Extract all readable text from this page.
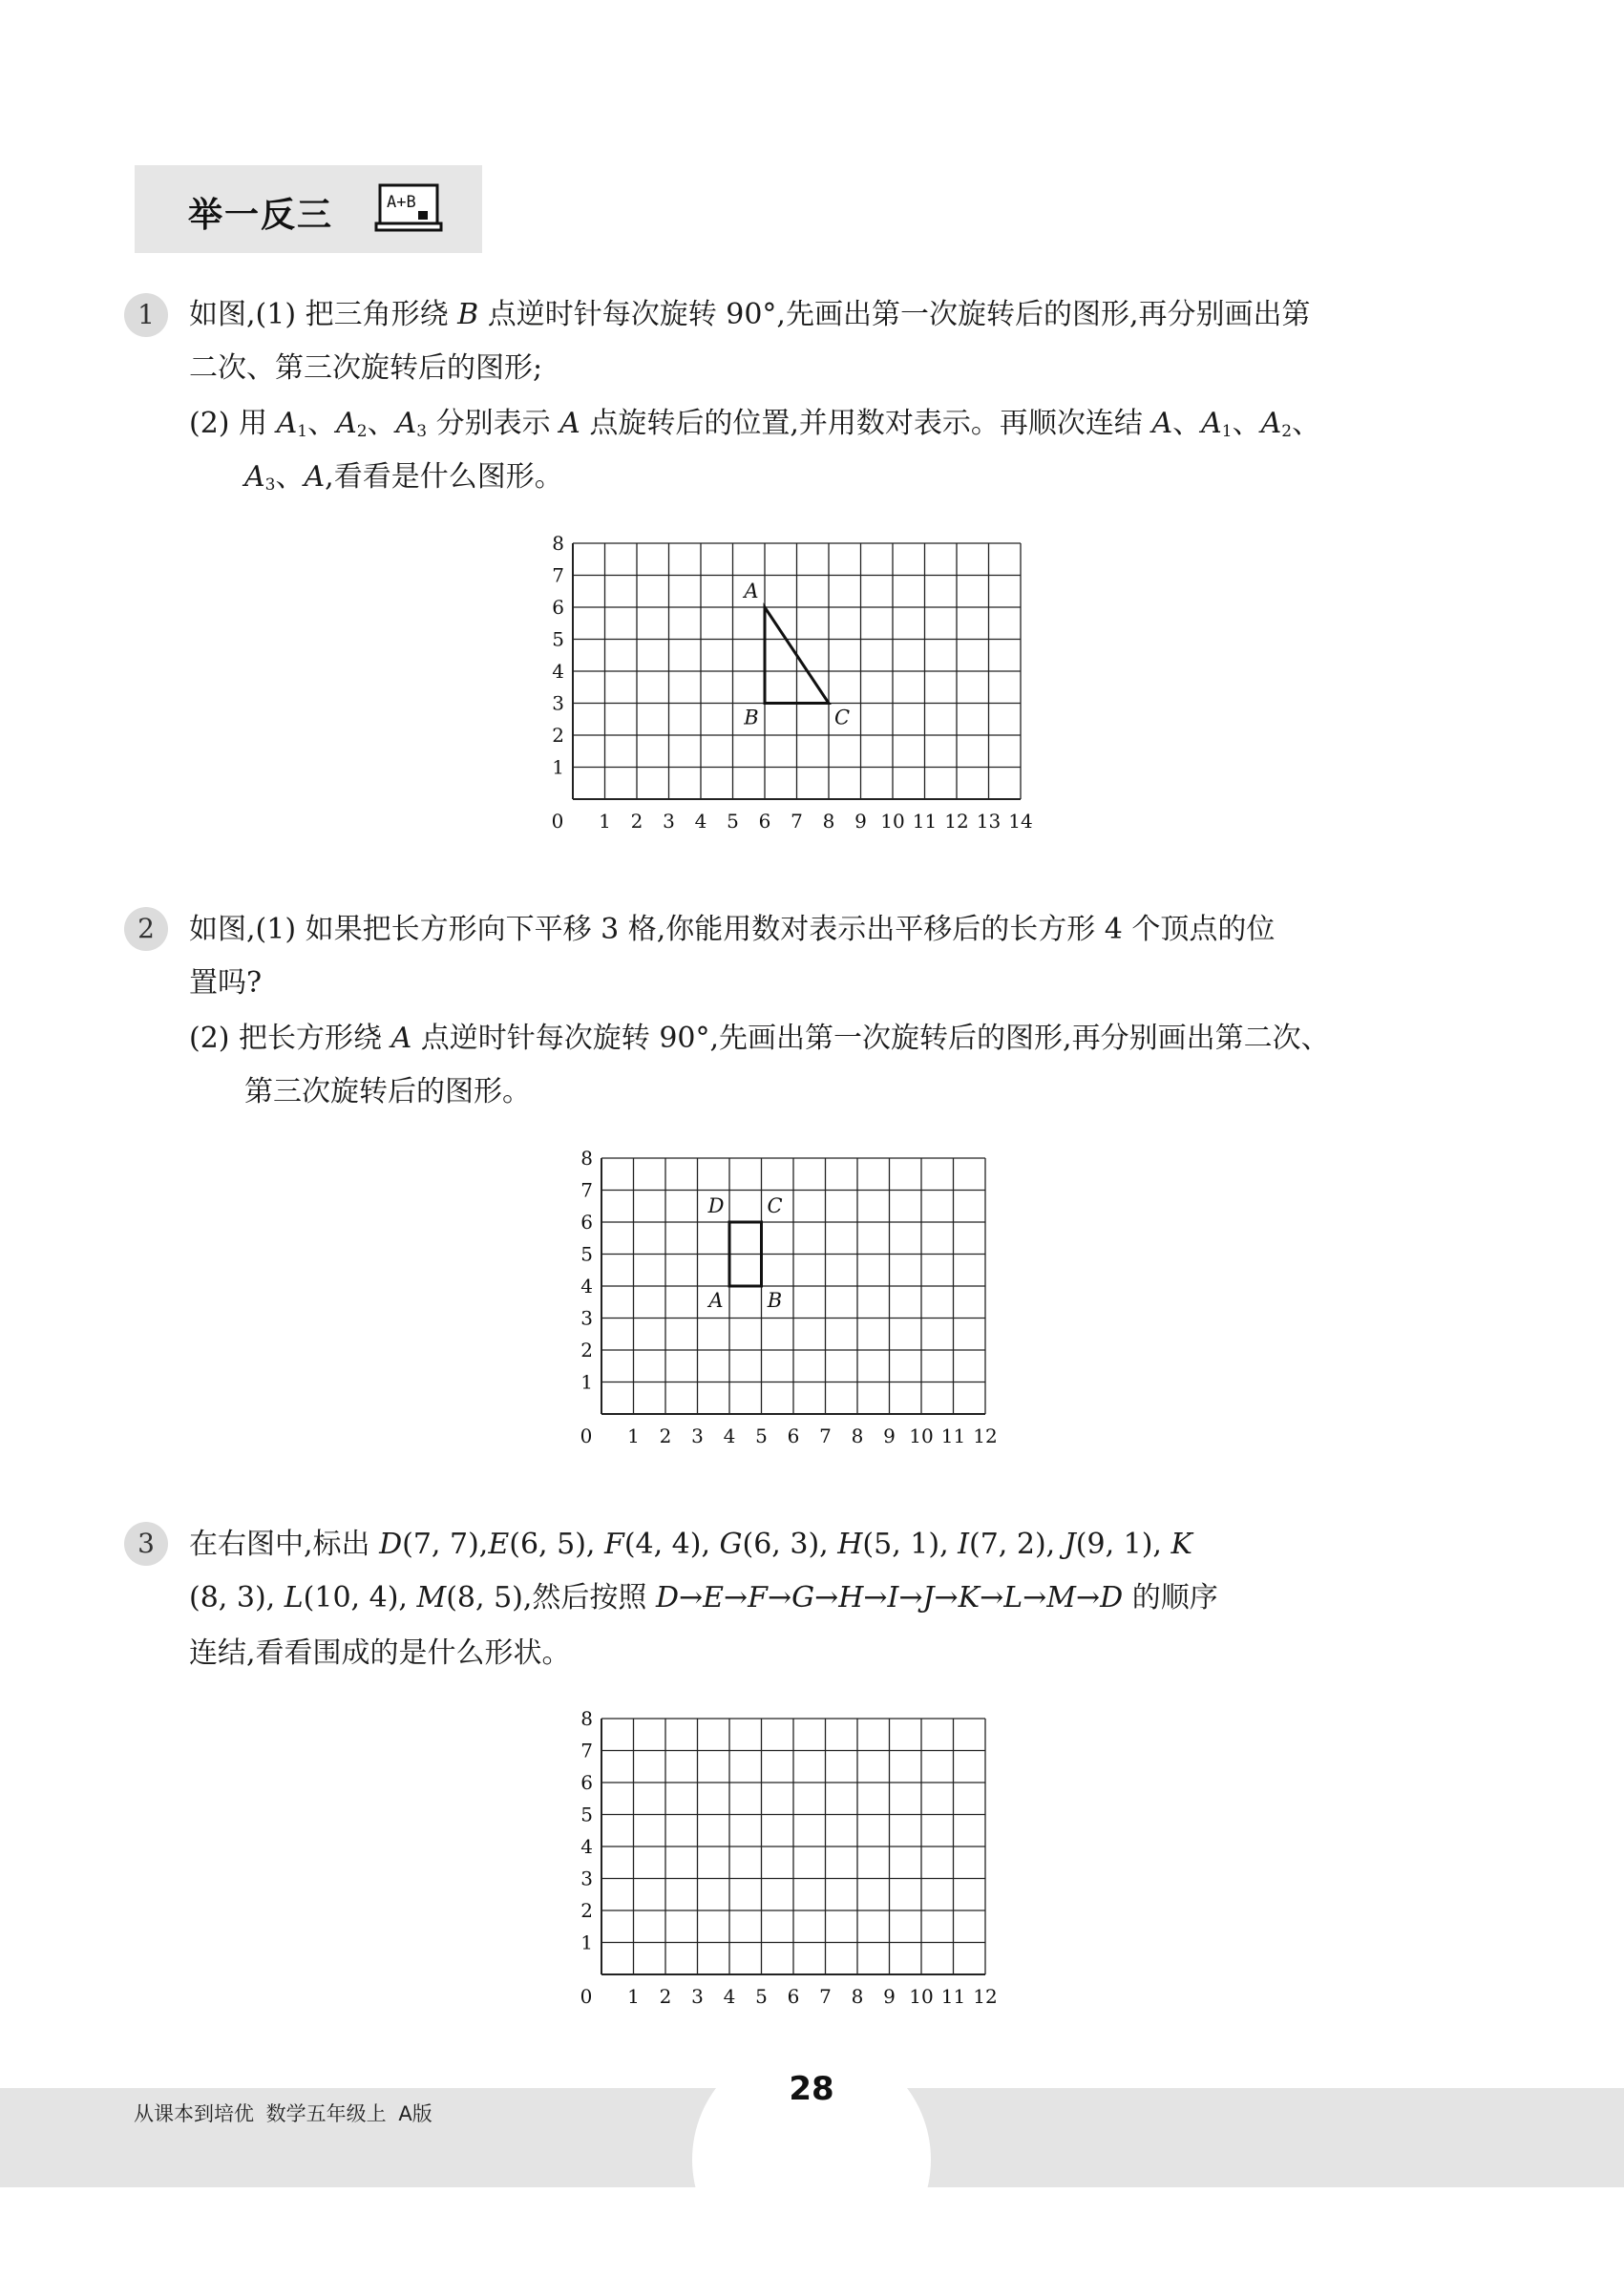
举一反三	A+B
1	如图,(1) 把三角形绕 B 点逆时针每次旋转 90°,先画出第一次旋转后的图形,再分别画出第
二次、第三次旋转后的图形;
(2) 用 $A_1$、$A_2$、$A_3$ 分别表示 A 点旋转后的位置,并用数对表示。再顺次连结 A、$A_1$、$A_2$、
$A_3$、A,看看是什么图形。
0 1 2 3 4 5 6 7 8 9 10 11 12 13 14
1
2
3
4
5
6
7
8
A
B	C
2	如图,(1) 如果把长方形向下平移 3 格,你能用数对表示出平移后的长方形 4 个顶点的位
置吗?
(2) 把长方形绕 A 点逆时针每次旋转 90°,先画出第一次旋转后的图形,再分别画出第二次、
第三次旋转后的图形。
0 1 2 3 4 5 6 7 8 9 10 11 12
1
2
3
4
5
6
7
8
A B
C
D
3	在右图中,标出 D(7, 7),E(6, 5), F(4, 4), G(6, 3), H(5, 1), I(7, 2), J(9, 1), K
(8, 3), L(10, 4), M(8, 5),然后按照 D→E→F→G→H→I→J→K→L→M→D 的顺序
连结,看看围成的是什么形状。
0 1 2 3 4 5 6 7 8 9 10 11 12
1
2
3
4
5
6
7
8
28
从课本到培优 数学五年级上 A版
